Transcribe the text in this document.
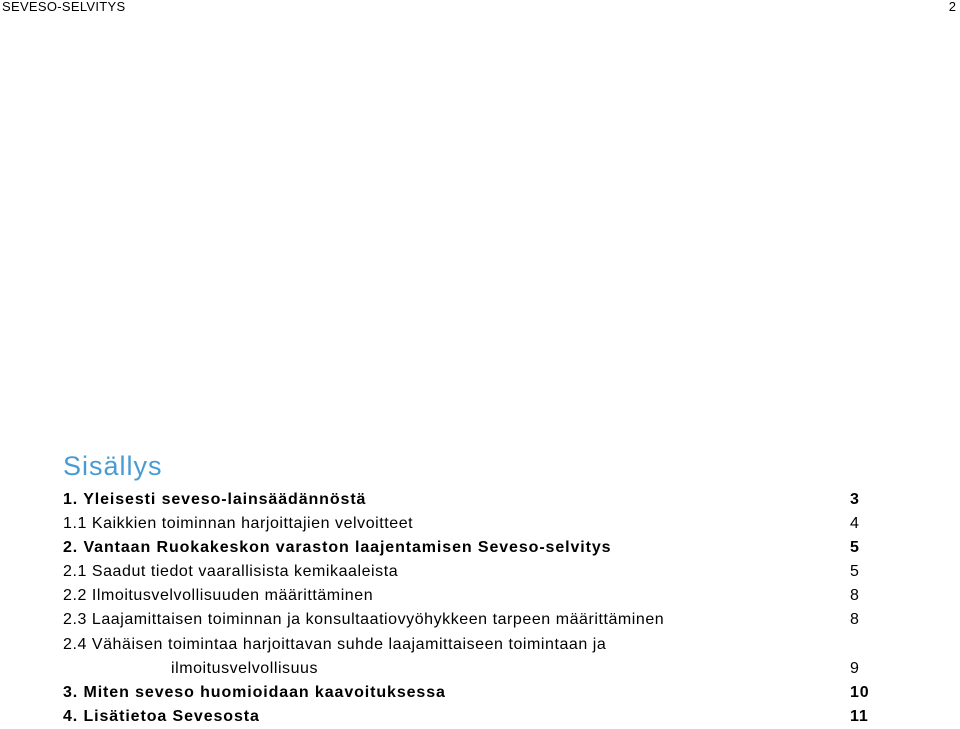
SEVESO-SELVITYS	2
Sisällys
1. Yleisesti seveso-lainsäädännöstä	3
1.1 Kaikkien toiminnan harjoittajien velvoitteet	4
2. Vantaan Ruokakeskon varaston laajentamisen Seveso-selvitys	5
2.1 Saadut tiedot vaarallisista kemikaaleista	5
2.2 Ilmoitusvelvollisuuden määrittäminen	8
2.3 Laajamittaisen toiminnan ja konsultaatiovyöhykkeen tarpeen määrittäminen	8
2.4 Vähäisen toimintaa harjoittavan suhde laajamittaiseen toimintaan ja
ilmoitusvelvollisuus	9
3. Miten seveso huomioidaan kaavoituksessa	10
4. Lisätietoa Sevesosta	11
